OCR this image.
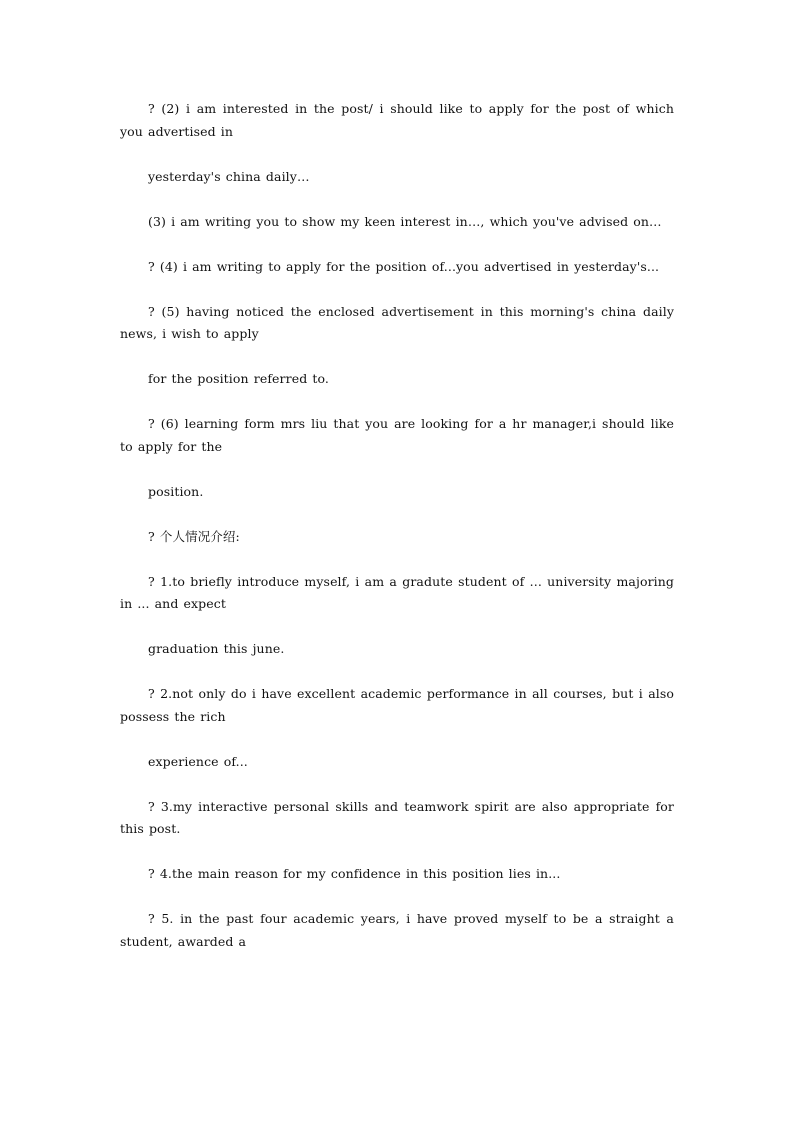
? (2) i am interested in the post/ i should like to apply for the post of which you advertised in

yesterday's china daily…

(3) i am writing you to show my keen interest in…, which you've advised on…

? (4) i am writing to apply for the position of...you advertised in yesterday's...

? (5) having noticed the enclosed advertisement in this morning's china daily news, i wish to apply

for the position referred to.

? (6) learning form mrs liu that you are looking for a hr manager,i should like to apply for the

position.

? 个人情况介绍:

? 1.to briefly introduce myself, i am a gradute student of ... university majoring in ... and expect

graduation this june.

? 2.not only do i have excellent academic performance in all courses, but i also possess the rich

experience of...

? 3.my interactive personal skills and teamwork spirit are also appropriate for this post.

? 4.the main reason for my confidence in this position lies in...

? 5. in the past four academic years, i have proved myself to be a straight a student, awarded a
